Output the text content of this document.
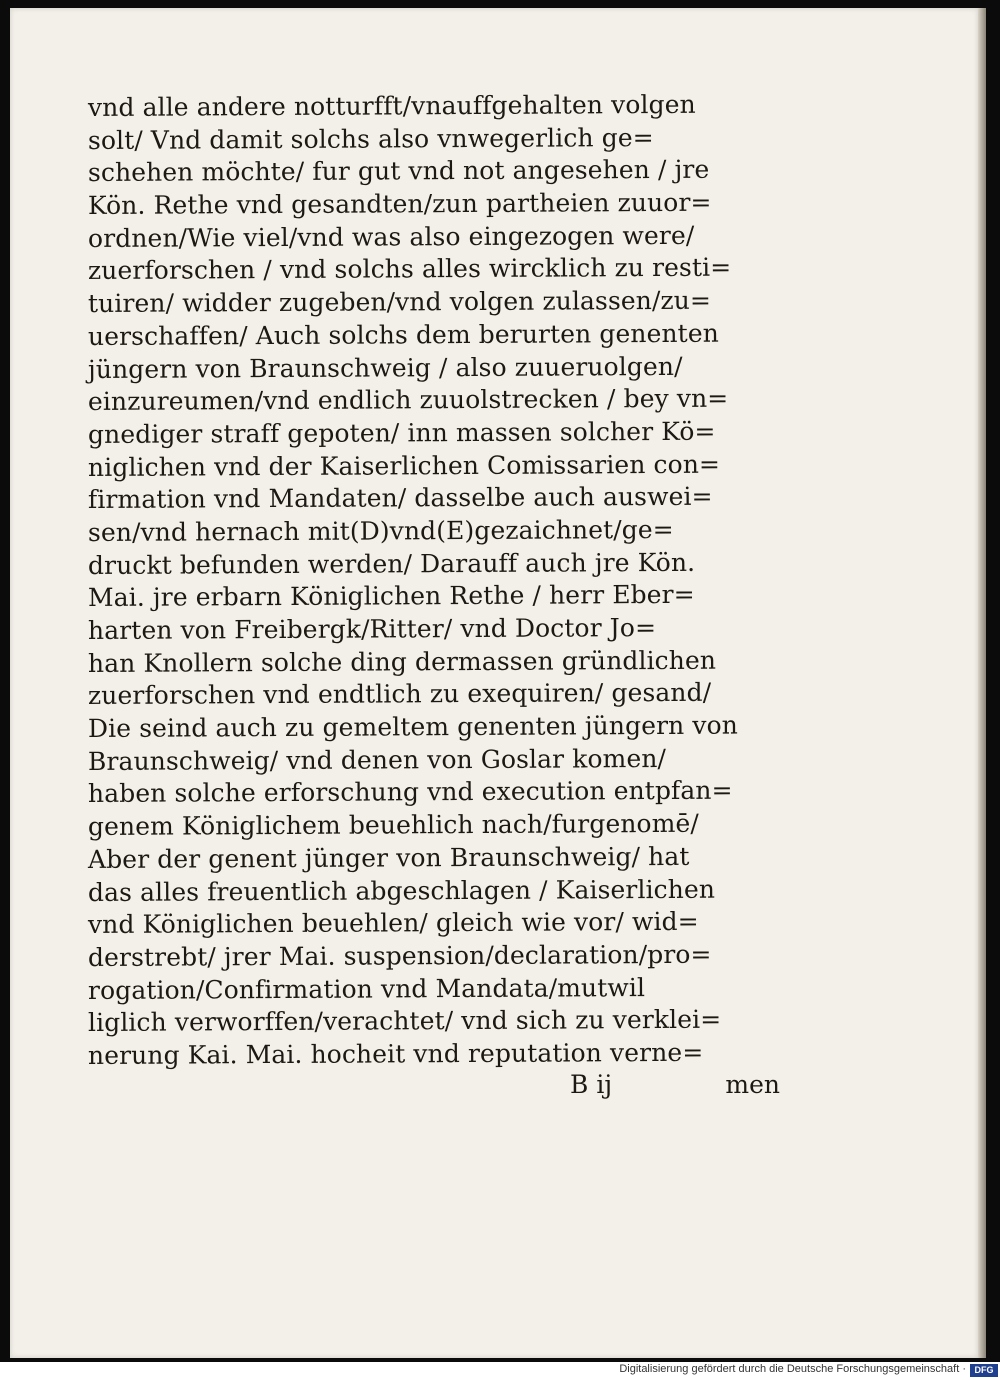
vnd alle andere notturfft/vnauffgehalten volgen
solt/ Vnd damit solchs also vnwegerlich ge=
schehen möchte/ fur gut vnd not angesehen / jre
Kön. Rethe vnd gesandten/zun partheien zuuor=
ordnen/Wie viel/vnd was also eingezogen were/
zuerforschen / vnd solchs alles wircklich zu resti=
tuiren/ widder zugeben/vnd volgen zulassen/zu=
uerschaffen/ Auch solchs dem berurten genenten
jüngern von Braunschweig / also zuueruolgen/
einzureumen/vnd endlich zuuolstrecken / bey vn=
gnediger straff gepoten/ inn massen solcher Kö=
niglichen vnd der Kaiserlichen Comissarien con=
firmation vnd Mandaten/ dasselbe auch auswei=
sen/vnd hernach mit(D)vnd(E)gezaichnet/ge=
druckt befunden werden/ Darauff auch jre Kön.
Mai. jre erbarn Königlichen Rethe / herr Eber=
harten von Freibergk/Ritter/ vnd Doctor Jo=
han Knollern solche ding dermassen gründlichen
zuerforschen vnd endtlich zu exequiren/ gesand/
Die seind auch zu gemeltem genenten jüngern von
Braunschweig/ vnd denen von Goslar komen/
haben solche erforschung vnd execution entpfan=
genem Königlichem beuehlich nach/furgenomē/
Aber der genent jünger von Braunschweig/ hat
das alles freuentlich abgeschlagen / Kaiserlichen
vnd Königlichen beuehlen/ gleich wie vor/ wid=
derstrebt/ jrer Mai. suspension/declaration/pro=
rogation/Confirmation vnd Mandata/mutwil
liglich verworffen/verachtet/ vnd sich zu verklei=
nerung Kai. Mai. hocheit vnd reputation verne=
B ij	men
Digitalisierung gefördert durch die Deutsche Forschungsgemeinschaft · DFG
